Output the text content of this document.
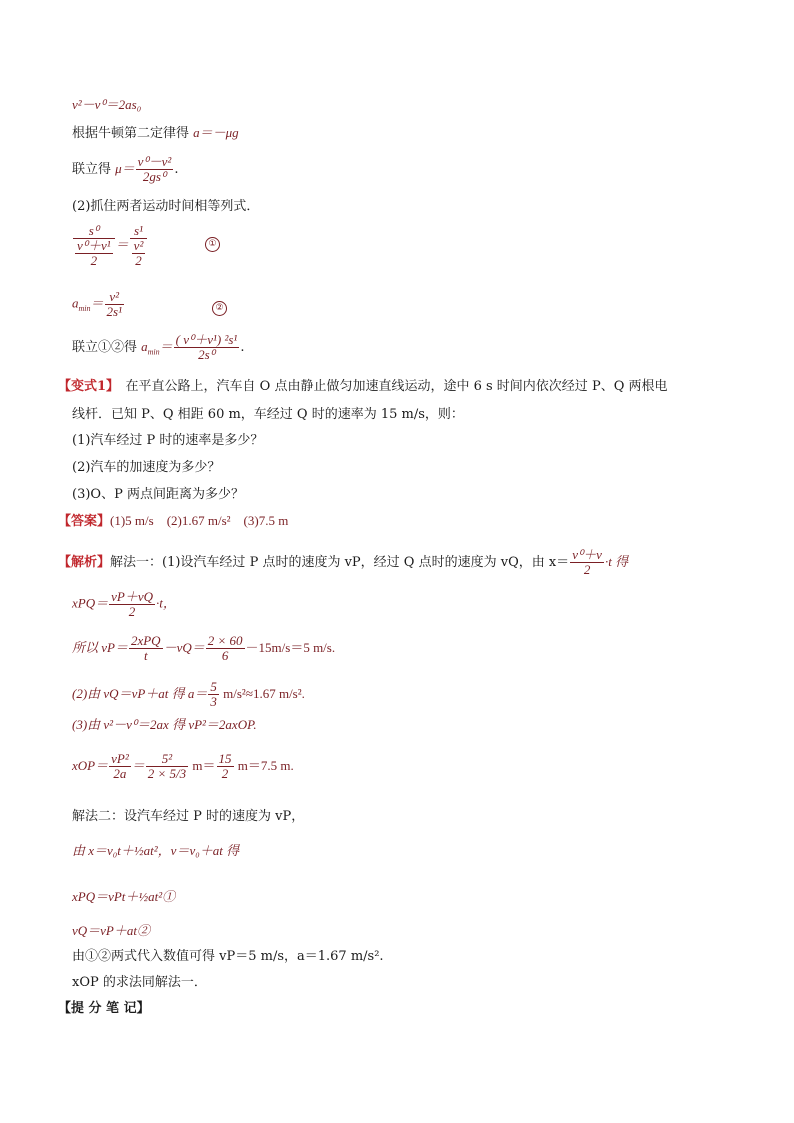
v²－v⁰＝2as₀
根据牛顿第二定律得 a＝－μg
联立得 $\mu= \frac{\text{v⁰－v²}}{\text{2gs⁰}}$ .
(2)抓住两者运动时间相等列式．
$\frac{\text{s⁰}}{\frac{\text{v⁰＋v¹}}{2}} = \frac{\text{s¹}}{\frac{\text{v²}}{2}}$	①
$a_{min}= \frac{\text{v²}}{\text{2s¹}}$	②
联立①②得 $a_{min}= \frac{\text{( v⁰＋v¹) ²s¹}}{\text{2s⁰}}$ .
【变式1】　在平直公路上，汽车自 O 点由静止做匀加速直线运动，途中 6 s 时间内依次经过 P、Q 两根电
线杆．已知 P、Q 相距 60 m，车经过 Q 时的速率为 15 m/s，则：
(1)汽车经过 P 时的速率是多少？
(2)汽车的加速度为多少？
(3)O、P 两点间距离为多少？
【答案】(1)5 m/s　(2)1.67 m/s²　(3)7.5 m
【解析】解法一：(1)设汽车经过 P 点时的速度为 vP，经过 Q 点时的速度为 vQ，由 $x= \frac{\text{v⁰＋v}}{2} \cdot t$ 得
$xPQ= \frac{vP+vQ}{2} \cdot t$，
所以 $vP= \frac{\text{2xPQ}}{t} -vQ= \frac{2 \times 60}{6} -15m/s=5$ m/s.
(2)由 vQ＝vP＋at 得 $a= \frac{5}{3} m/s^2\approx 1.67$ m/s².
(3)由 v²－v⁰＝2ax 得 vP²＝2axOP.
$xOP= \frac{\text{vP²}}{2a} = \frac{\text{5²}}{2 \times 5/3} m= \frac{15}{2} m=7.5$ m.
解法二：设汽车经过 P 时的速度为 vP，
由 x＝v₀t＋½at²，v＝v₀＋at 得
xPQ＝vPt＋½at²①
vQ＝vP＋at②
由①②两式代入数值可得 vP＝5 m/s，a＝1.67 m/s².
xOP 的求法同解法一．
【提 分 笔 记】
